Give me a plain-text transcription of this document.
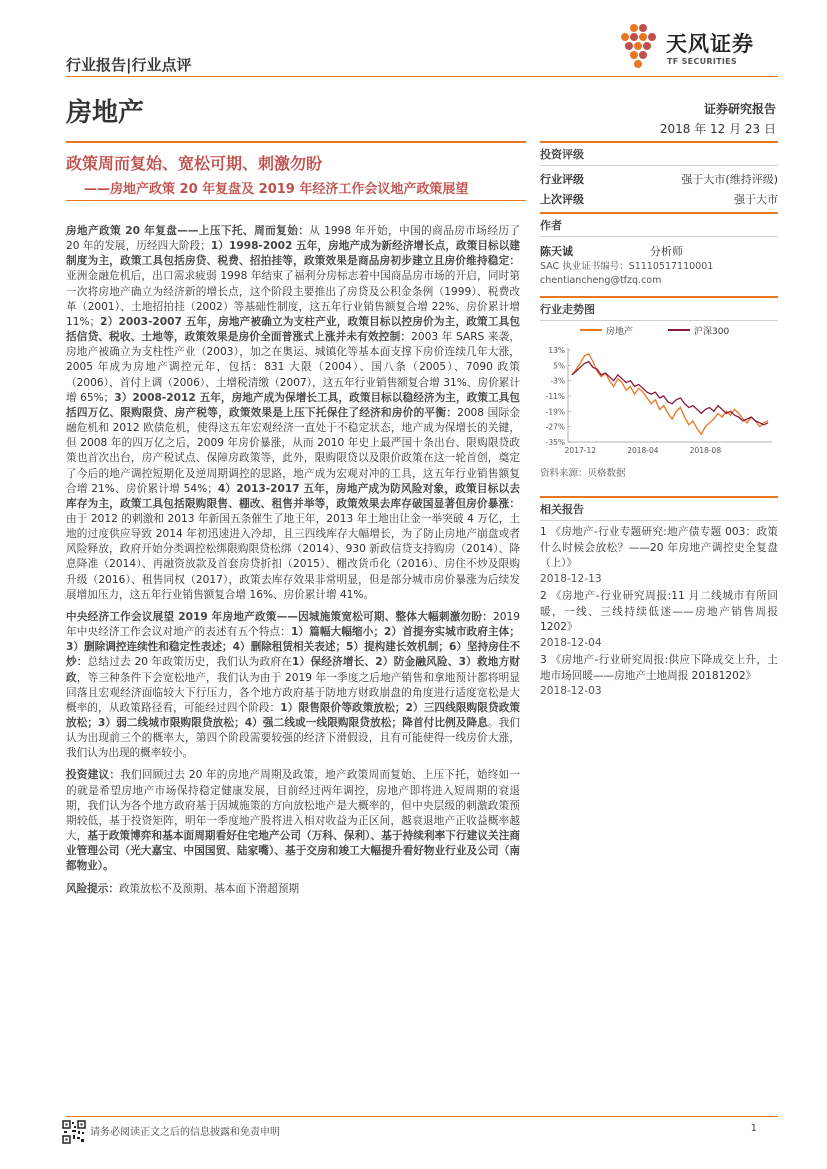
行业报告|行业点评
天风证券
TF SECURITIES
房地产	证券研究报告
2018 年 12 月 23 日
政策周而复始、宽松可期、刺激勿盼
——房地产政策 20 年复盘及 2019 年经济工作会议地产政策展望

房地产政策 20 年复盘——上压下托、周而复始：从 1998 年开始，中国的商品房市场经历了 20 年的发展，历经四大阶段；1）1998-2002 五年，房地产成为新经济增长点，政策目标以建制度为主，政策工具包括房贷、税费、招拍挂等，政策效果是商品房初步建立且房价维持稳定：亚洲金融危机后，出口需求疲弱 1998 年结束了福利分房标志着中国商品房市场的开启，同时第一次将房地产确立为经济新的增长点，这个阶段主要推出了房贷及公积金条例（1999）、税费改革（2001）、土地招拍挂（2002）等基础性制度，这五年行业销售额复合增 22%、房价累计增 11%；2）2003-2007 五年，房地产被确立为支柱产业，政策目标以控房价为主，政策工具包括信贷、税收、土地等，政策效果是房价全面普涨式上涨并未有效控制：2003 年 SARS 来袭，房地产被确立为支柱性产业（2003），加之在奥运、城镇化等基本面支撑下房价连续几年大涨，2005 年成为房地产调控元年，包括：831 大限（2004）、国八条（2005）、7090 政策（2006）、首付上调（2006）、土增税清缴（2007），这五年行业销售额复合增 31%、房价累计增 65%；3）2008-2012 五年，房地产成为保增长工具，政策目标以稳经济为主，政策工具包括四万亿、限购限贷、房产税等，政策效果是上压下托保住了经济和房价的平衡：2008 国际金融危机和 2012 欧债危机，使得这五年宏观经济一直处于不稳定状态，地产成为保增长的关键，但 2008 年的四万亿之后，2009 年房价暴涨，从而 2010 年史上最严国十条出台、限购限贷政策也首次出台，房产税试点、保障房政策等，此外，限购限贷以及限价政策在这一轮首创，奠定了今后的地产调控短期化及逆周期调控的思路，地产成为宏观对冲的工具，这五年行业销售额复合增 21%、房价累计增 54%；4）2013-2017 五年，房地产成为防风险对象，政策目标以去库存为主，政策工具包括限购限售、棚改、租售并举等，政策效果去库存破国显著但房价暴涨：由于 2012 的刺激和 2013 年新国五条催生了地王年，2013 年土地出让金一举突破 4 万亿，土地的过度供应导致 2014 年初迅速进入冷却，且三四线库存大幅增长，为了防止房地产崩盘或者风险释放，政府开始分类调控松绑限购限贷松绑（2014）、930 新政信贷支持购房（2014）、降息降准（2014）、再融资放款及首套房贷折扣（2015）、棚改货币化（2016）、房住不炒及限购升级（2016）、租售同权（2017），政策去库存效果非常明显，但是部分城市房价暴涨为后续发展增加压力，这五年行业销售额复合增 16%、房价累计增 41%。

中央经济工作会议展望 2019 年房地产政策——因城施策宽松可期、整体大幅刺激勿盼：2019 年中央经济工作会议对地产的表述有五个特点：1）篇幅大幅缩小；2）首提夯实城市政府主体；3）删除调控连续性和稳定性表述；4）删除租赁相关表述；5）提构建长效机制；6）坚持房住不炒：总结过去 20 年政策历史，我们认为政府在1）保经济增长、2）防金融风险、3）救地方财政，等三种条件下会宽松地产，我们认为由于 2019 年一季度之后地产销售和拿地预计都将明显回落且宏观经济面临较大下行压力，各个地方政府基于防地方财政崩盘的角度进行适度宽松是大概率的，从政策路径看，可能经过四个阶段：1）限售限价等政策放松；2）三四线限购限贷政策放松；3）弱二线城市限购限贷放松；4）强二线或一线限购限贷放松；降首付比例及降息。我们认为出现前三个的概率大，第四个阶段需要较强的经济下滑假设，且有可能使得一线房价大涨，我们认为出现的概率较小。

投资建议：我们回顾过去 20 年的房地产周期及政策，地产政策周而复始、上压下托，始终如一的就是希望房地产市场保持稳定健康发展，目前经过两年调控，房地产即将进入短周期的衰退期，我们认为各个地方政府基于因城施策的方向放松地产是大概率的，但中央层级的刺激政策预期较低，基于投资矩阵，明年一季度地产股将进入相对收益为正区间，越衰退地产正收益概率越大，基于政策博弈和基本面周期看好住宅地产公司（万科、保利）、基于持续利率下行建议关注商业管理公司（光大嘉宝、中国国贸、陆家嘴）、基于交房和竣工大幅提升看好物业行业及公司（南都物业）。

风险提示：政策放松不及预期、基本面下滑超预期

投资评级
行业评级	强于大市(维持评级)
上次评级	强于大市
作者
陈天诚	分析师
SAC 执业证书编号：S1110517110001
chentiancheng@tfzq.com
行业走势图
房地产	沪深300
13%
5%
-3%
-11%
-19%
-27%
-35%
2017-12	2018-04	2018-08
资料来源：贝格数据
相关报告
1 《房地产-行业专题研究:地产债专题 003：政策什么时候会放松？——20 年房地产调控史全复盘（上）》
2018-12-13
2 《房地产-行业研究周报:11 月二线城市有所回暖，一线、三线持续低迷——房地产销售周报 1202》
2018-12-04
3 《房地产-行业研究周报:供应下降成交上升，土地市场回暖——房地产土地周报 20181202》
2018-12-03
请务必阅读正文之后的信息披露和免责申明	1
